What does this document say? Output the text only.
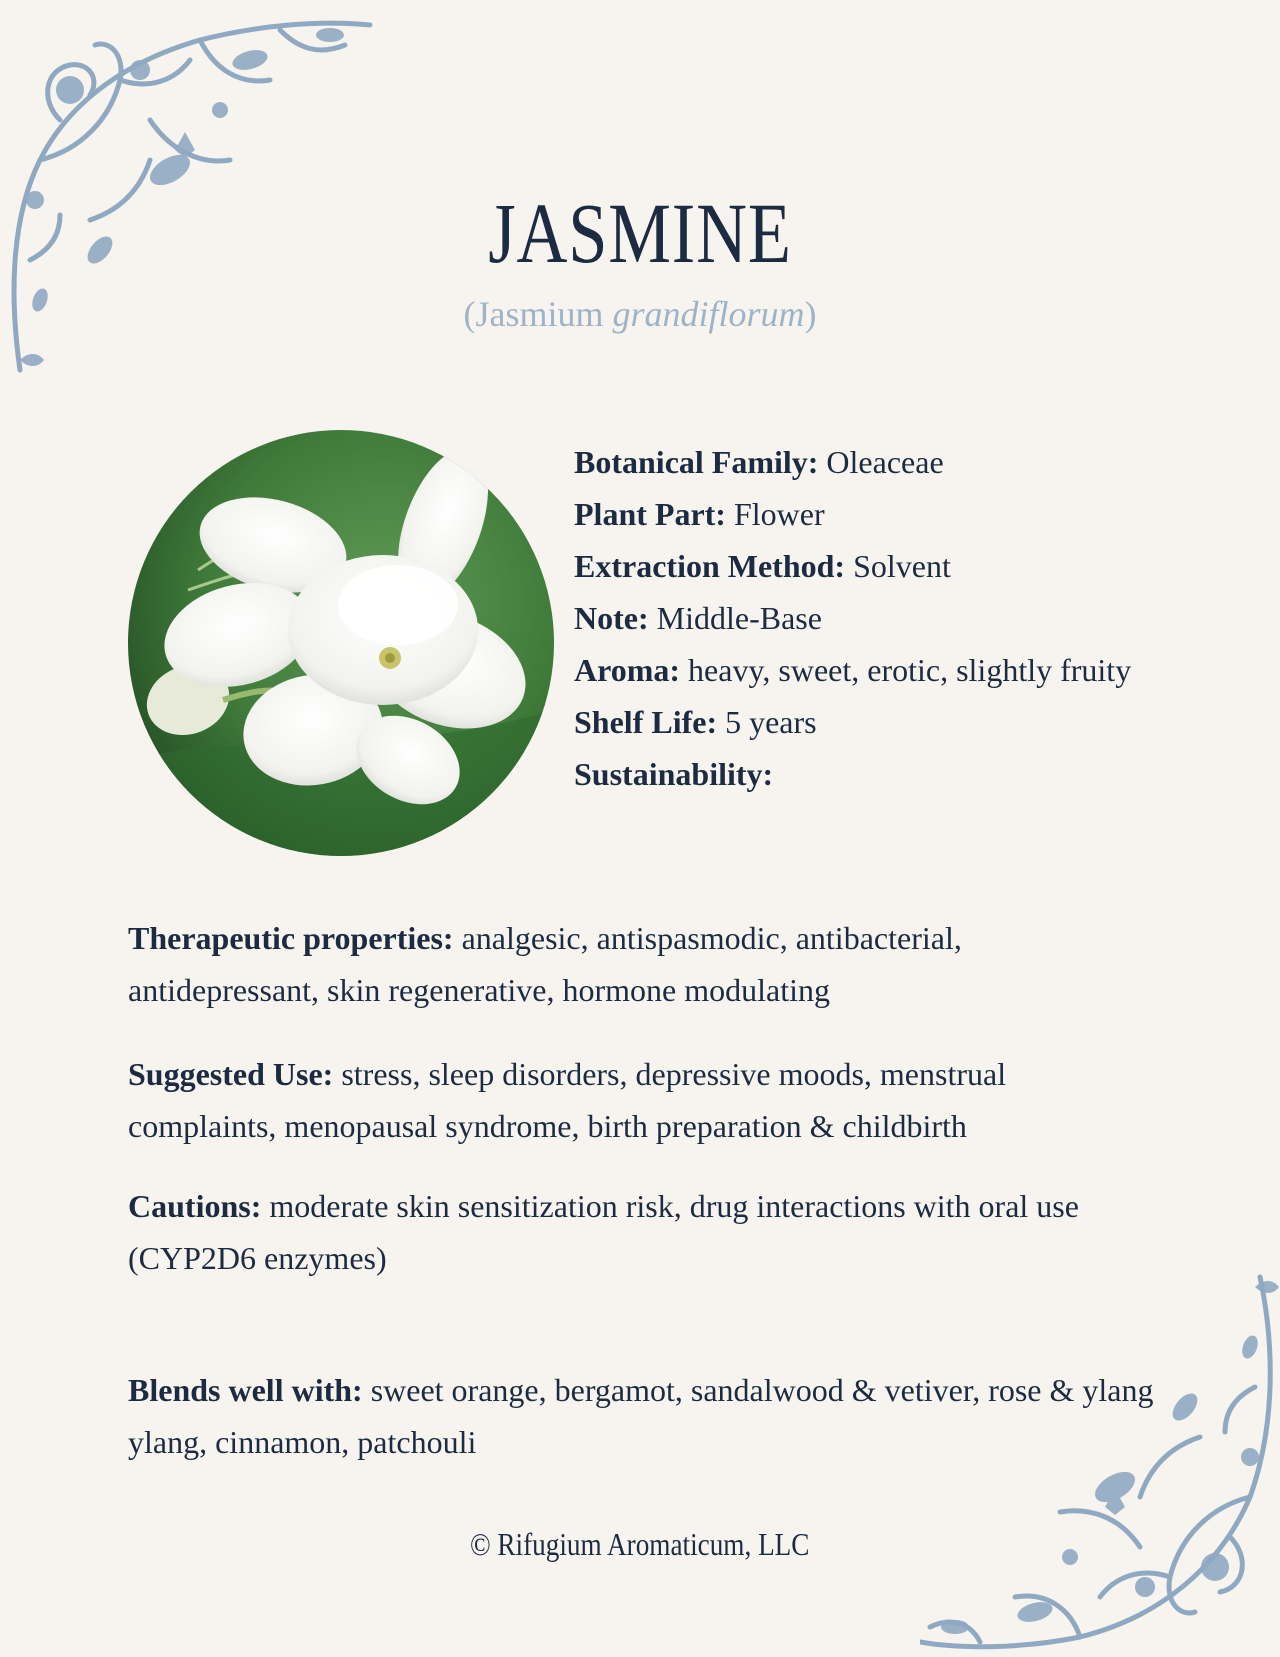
JASMINE
(Jasmium grandiflorum)
Botanical Family: Oleaceae
Plant Part: Flower
Extraction Method: Solvent
Note: Middle-Base
Aroma: heavy, sweet, erotic, slightly fruity
Shelf Life: 5 years
Sustainability:
Therapeutic properties: analgesic, antispasmodic, antibacterial, antidepressant, skin regenerative, hormone modulating
Suggested Use: stress, sleep disorders, depressive moods, menstrual complaints, menopausal syndrome, birth preparation & childbirth
Cautions: moderate skin sensitization risk, drug interactions with oral use (CYP2D6 enzymes)
Blends well with: sweet orange, bergamot, sandalwood & vetiver, rose & ylang ylang, cinnamon, patchouli
© Rifugium Aromaticum, LLC
